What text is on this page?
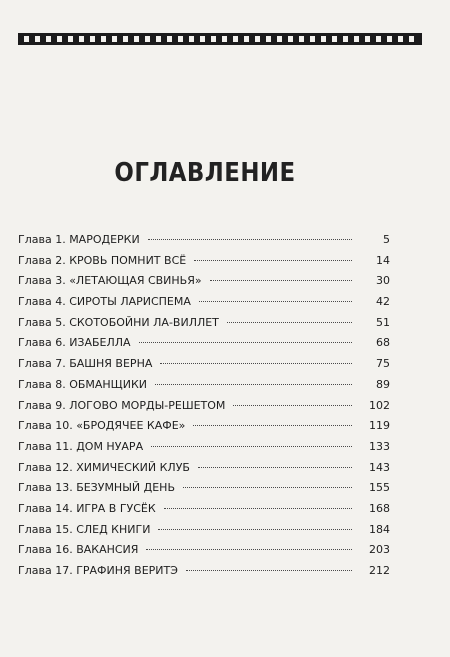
ОГЛАВЛЕНИЕ
Глава 1. МАРОДЕРКИ	5
Глава 2. КРОВЬ ПОМНИТ ВСЁ	14
Глава 3. «ЛЕТАЮЩАЯ СВИНЬЯ»	30
Глава 4. СИРОТЫ ЛАРИСПЕМА	42
Глава 5. СКОТОБОЙНИ ЛА-ВИЛЛЕТ	51
Глава 6. ИЗАБЕЛЛА	68
Глава 7. БАШНЯ ВЕРНА	75
Глава 8. ОБМАНЩИКИ	89
Глава 9. ЛОГОВО МОРДЫ-РЕШЕТОМ	102
Глава 10. «БРОДЯЧЕЕ КАФЕ»	119
Глава 11. ДОМ НУАРА	133
Глава 12. ХИМИЧЕСКИЙ КЛУБ	143
Глава 13. БЕЗУМНЫЙ ДЕНЬ	155
Глава 14. ИГРА В ГУСЁК	168
Глава 15. СЛЕД КНИГИ	184
Глава 16. ВАКАНСИЯ	203
Глава 17. ГРАФИНЯ ВЕРИТЭ	212
